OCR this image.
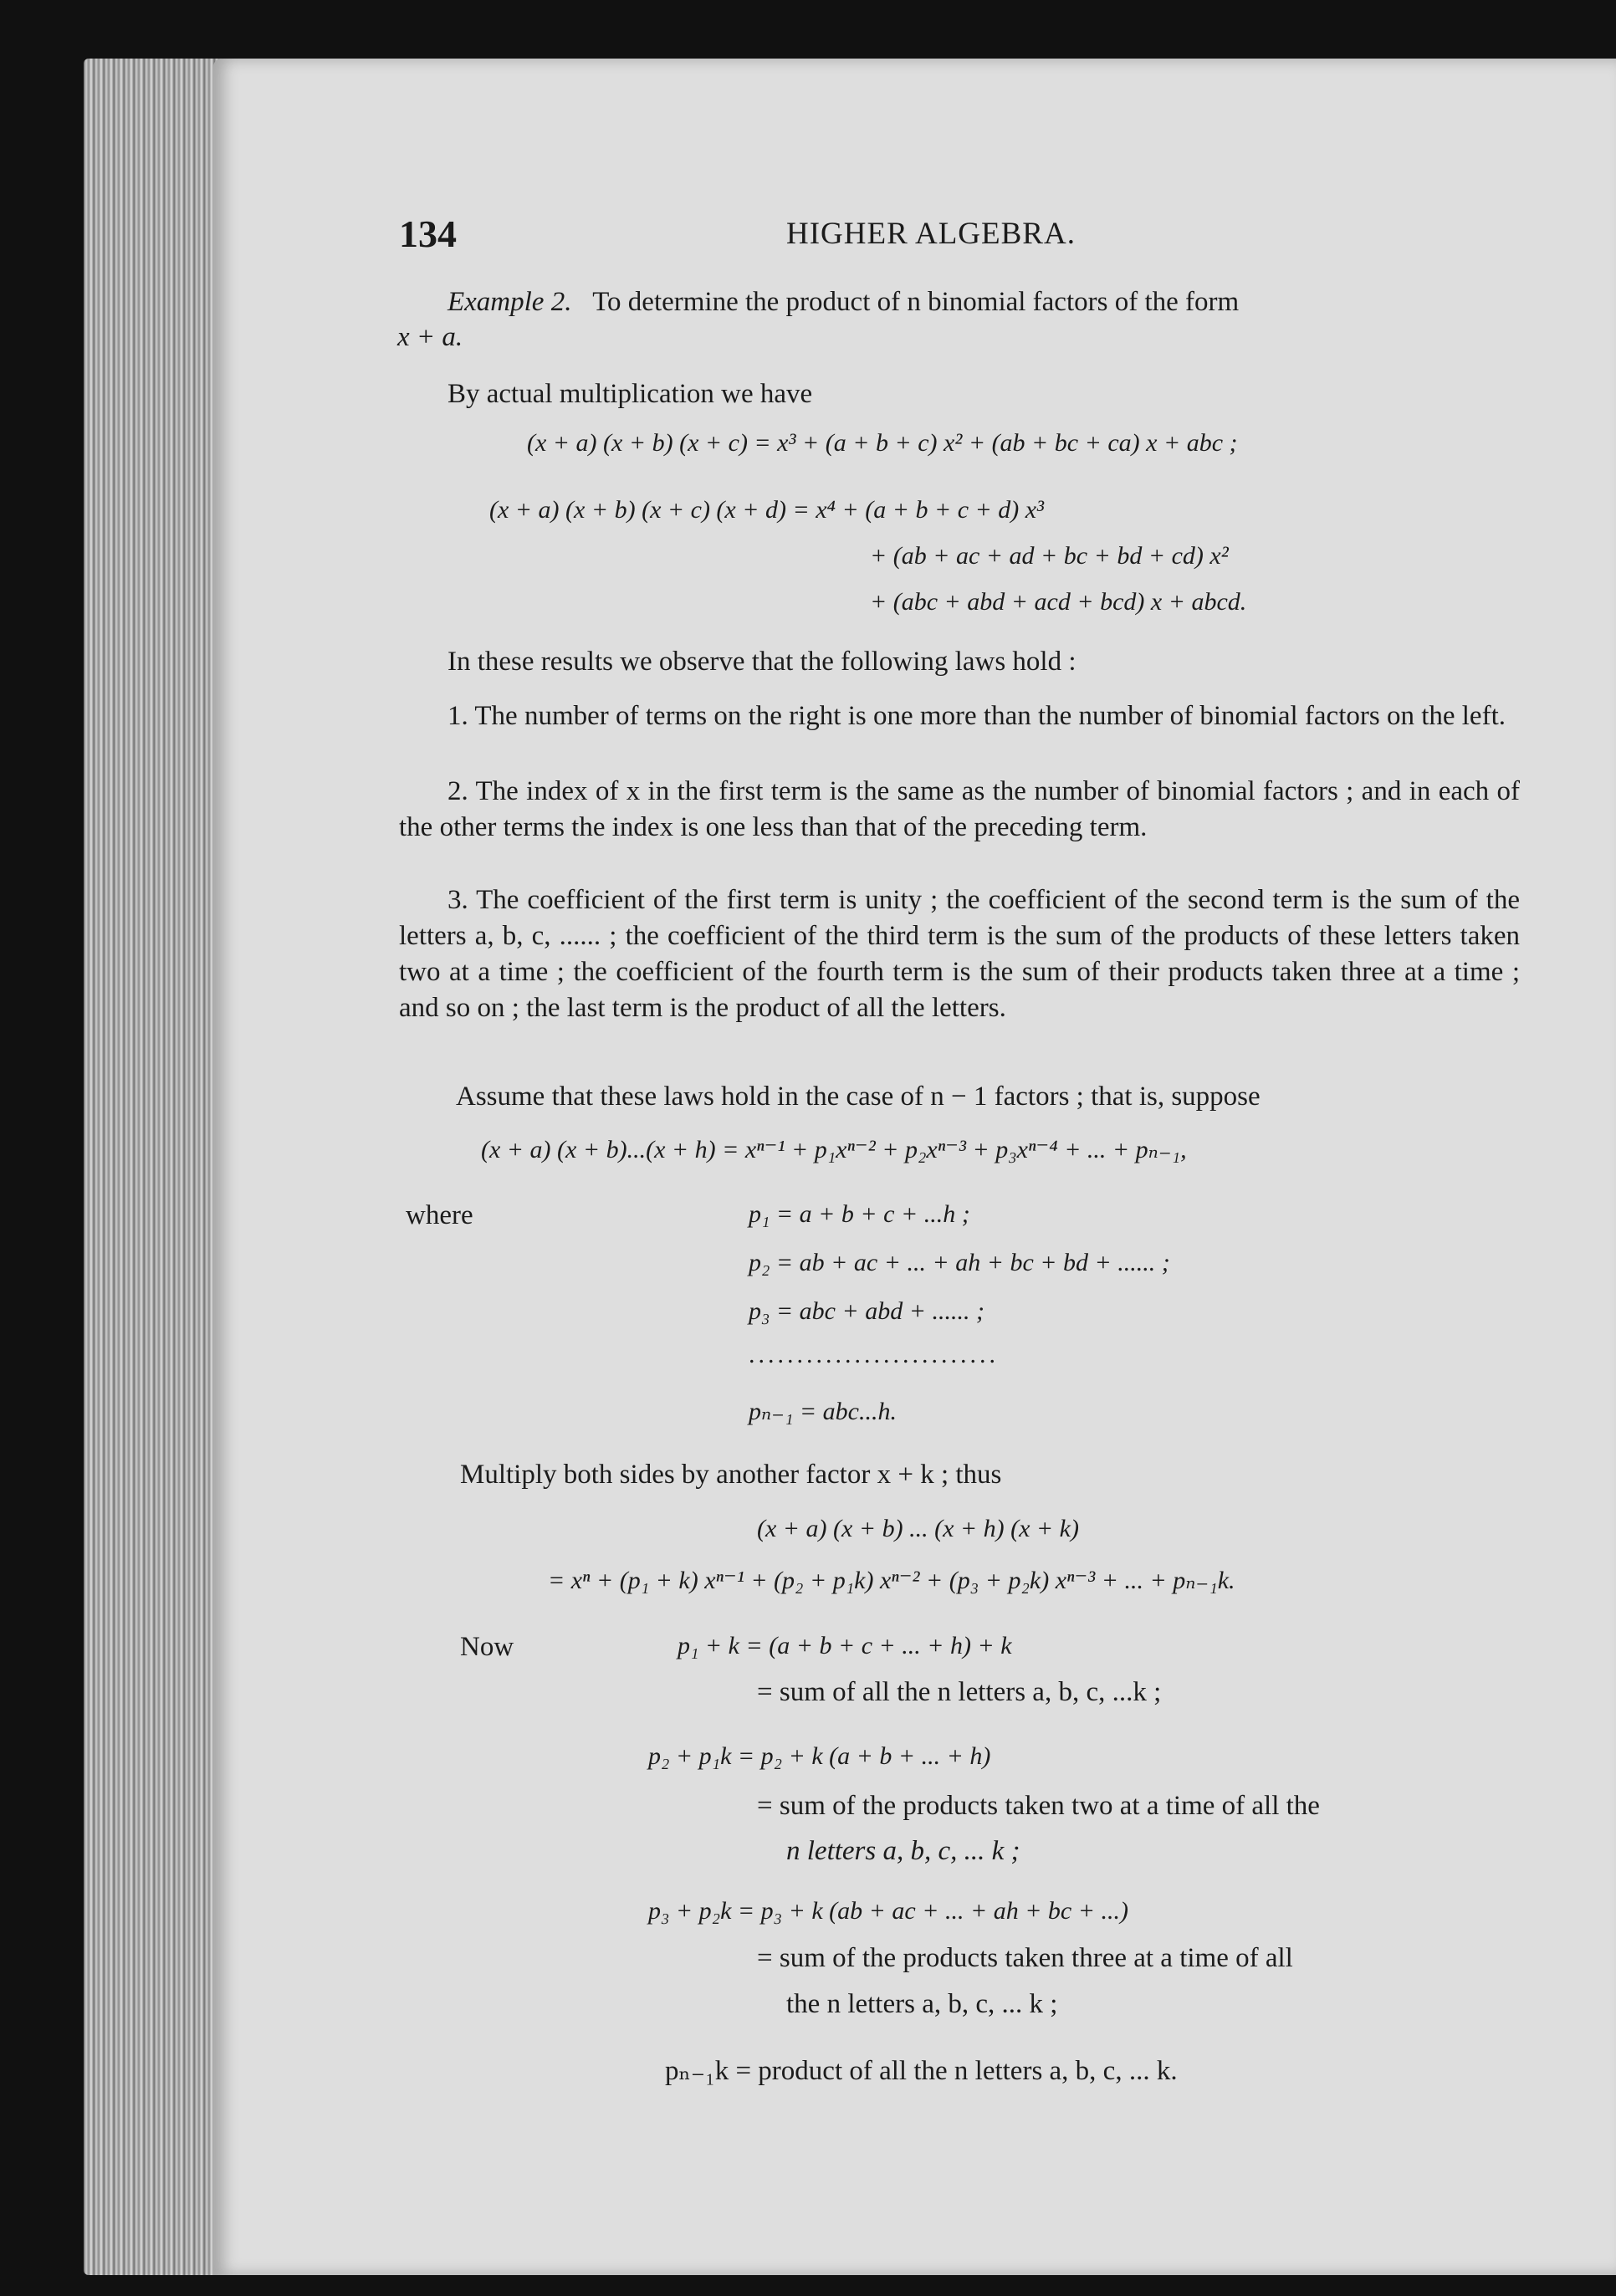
134	HIGHER ALGEBRA.
Example 2. To determine the product of n binomial factors of the form
x + a.
By actual multiplication we have
(x + a) (x + b) (x + c) = x³ + (a + b + c) x² + (ab + bc + ca) x + abc ;
(x + a) (x + b) (x + c) (x + d) = x⁴ + (a + b + c + d) x³
+ (ab + ac + ad + bc + bd + cd) x²
+ (abc + abd + acd + bcd) x + abcd.
In these results we observe that the following laws hold :
1. The number of terms on the right is one more than the number of binomial factors on the left.
2. The index of x in the first term is the same as the number of binomial factors ; and in each of the other terms the index is one less than that of the preceding term.
3. The coefficient of the first term is unity ; the coefficient of the second term is the sum of the letters a, b, c, ...... ; the coefficient of the third term is the sum of the products of these letters taken two at a time ; the coefficient of the fourth term is the sum of their products taken three at a time ; and so on ; the last term is the product of all the letters.
Assume that these laws hold in the case of n − 1 factors ; that is, suppose
(x + a) (x + b)...(x + h) = xⁿ⁻¹ + p₁xⁿ⁻² + p₂xⁿ⁻³ + p₃xⁿ⁻⁴ + ... + pₙ₋₁,
where	p₁ = a + b + c + ...h ;
p₂ = ab + ac + ... + ah + bc + bd + ...... ;
p₃ = abc + abd + ...... ;
..........................
pₙ₋₁ = abc...h.
Multiply both sides by another factor x + k ; thus
(x + a) (x + b) ... (x + h) (x + k)
= xⁿ + (p₁ + k) xⁿ⁻¹ + (p₂ + p₁k) xⁿ⁻² + (p₃ + p₂k) xⁿ⁻³ + ... + pₙ₋₁k.
Now	p₁ + k = (a + b + c + ... + h) + k
= sum of all the n letters a, b, c, ...k ;
p₂ + p₁k = p₂ + k (a + b + ... + h)
= sum of the products taken two at a time of all the
n letters a, b, c, ... k ;
p₃ + p₂k = p₃ + k (ab + ac + ... + ah + bc + ...)
= sum of the products taken three at a time of all
the n letters a, b, c, ... k ;
pₙ₋₁k = product of all the n letters a, b, c, ... k.
